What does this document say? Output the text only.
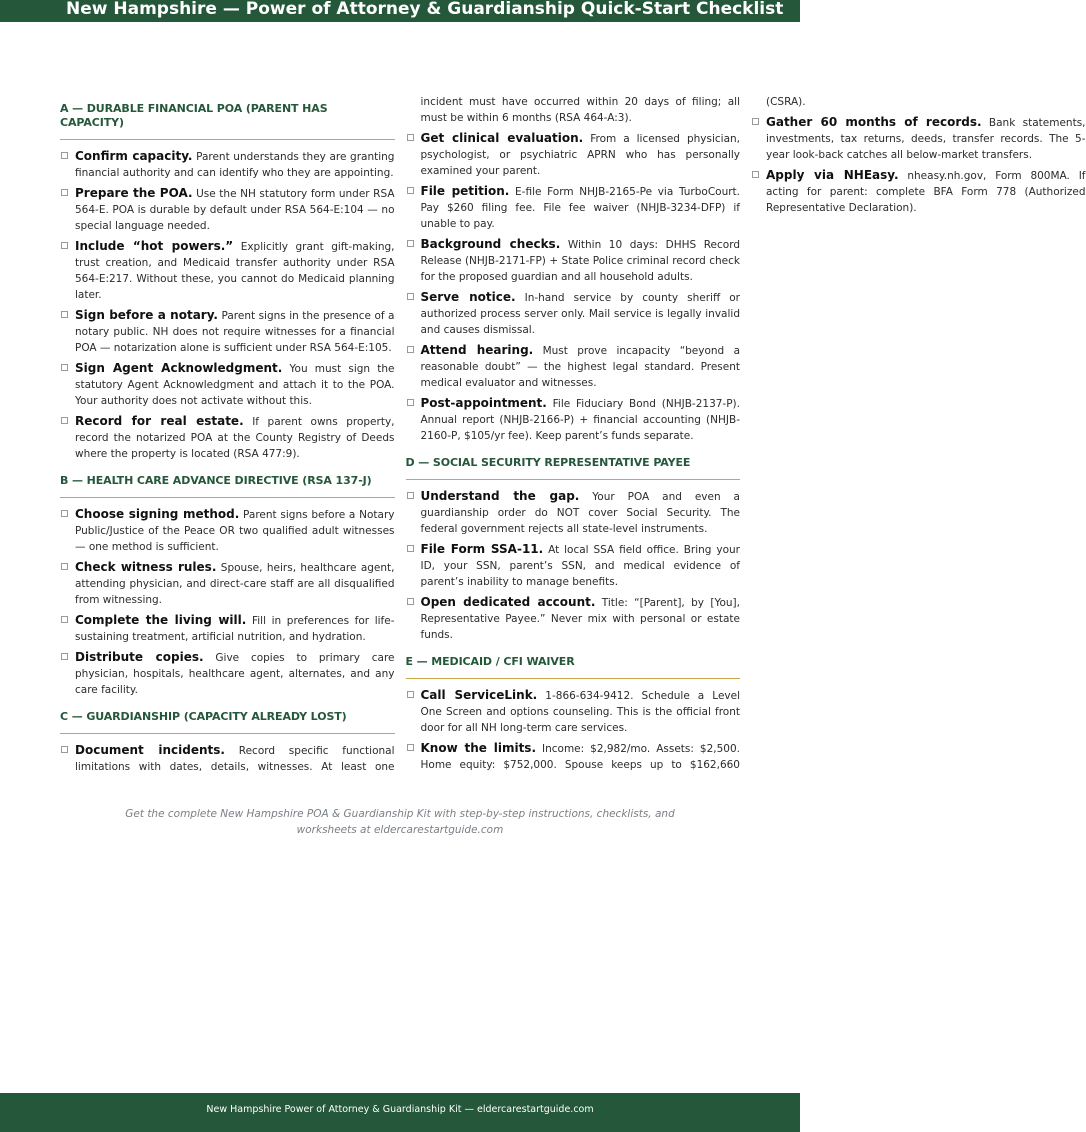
New Hampshire — Power of Attorney & Guardianship Quick-Start Checklist
A — DURABLE FINANCIAL POA (PARENT HAS CAPACITY)
Confirm capacity. Parent understands they are granting financial authority and can identify who they are appointing.
Prepare the POA. Use the NH statutory form under RSA 564-E. POA is durable by default under RSA 564-E:104 — no special language needed.
Include “hot powers.” Explicitly grant gift-making, trust creation, and Medicaid transfer authority under RSA 564-E:217. Without these, you cannot do Medicaid planning later.
Sign before a notary. Parent signs in the presence of a notary public. NH does not require witnesses for a financial POA — notarization alone is sufficient under RSA 564-E:105.
Sign Agent Acknowledgment. You must sign the statutory Agent Acknowledgment and attach it to the POA. Your authority does not activate without this.
Record for real estate. If parent owns property, record the notarized POA at the County Registry of Deeds where the property is located (RSA 477:9).
B — HEALTH CARE ADVANCE DIRECTIVE (RSA 137-J)
Choose signing method. Parent signs before a Notary Public/Justice of the Peace OR two qualified adult witnesses — one method is sufficient.
Check witness rules. Spouse, heirs, healthcare agent, attending physician, and direct-care staff are all disqualified from witnessing.
Complete the living will. Fill in preferences for life-sustaining treatment, artificial nutrition, and hydration.
Distribute copies. Give copies to primary care physician, hospitals, healthcare agent, alternates, and any care facility.
C — GUARDIANSHIP (CAPACITY ALREADY LOST)
Document incidents. Record specific functional limitations with dates, details, witnesses. At least one incident must have occurred within 20 days of filing; all must be within 6 months (RSA 464-A:3).
Get clinical evaluation. From a licensed physician, psychologist, or psychiatric APRN who has personally examined your parent.
File petition. E-file Form NHJB-2165-Pe via TurboCourt. Pay $260 filing fee. File fee waiver (NHJB-3234-DFP) if unable to pay.
Background checks. Within 10 days: DHHS Record Release (NHJB-2171-FP) + State Police criminal record check for the proposed guardian and all household adults.
Serve notice. In-hand service by county sheriff or authorized process server only. Mail service is legally invalid and causes dismissal.
Attend hearing. Must prove incapacity “beyond a reasonable doubt” — the highest legal standard. Present medical evaluator and witnesses.
Post-appointment. File Fiduciary Bond (NHJB-2137-P). Annual report (NHJB-2166-P) + financial accounting (NHJB-2160-P, $105/yr fee). Keep parent’s funds separate.
D — SOCIAL SECURITY REPRESENTATIVE PAYEE
Understand the gap. Your POA and even a guardianship order do NOT cover Social Security. The federal government rejects all state-level instruments.
File Form SSA-11. At local SSA field office. Bring your ID, your SSN, parent’s SSN, and medical evidence of parent’s inability to manage benefits.
Open dedicated account. Title: “[Parent], by [You], Representative Payee.” Never mix with personal or estate funds.
E — MEDICAID / CFI WAIVER
Call ServiceLink. 1-866-634-9412. Schedule a Level One Screen and options counseling. This is the official front door for all NH long-term care services.
Know the limits. Income: $2,982/mo. Assets: $2,500. Home equity: $752,000. Spouse keeps up to $162,660 (CSRA).
Gather 60 months of records. Bank statements, investments, tax returns, deeds, transfer records. The 5-year look-back catches all below-market transfers.
Apply via NHEasy. nheasy.nh.gov, Form 800MA. If acting for parent: complete BFA Form 778 (Authorized Representative Declaration).
Get the complete New Hampshire POA & Guardianship Kit with step-by-step instructions, checklists, and worksheets at eldercarestartguide.com
New Hampshire Power of Attorney & Guardianship Kit — eldercarestartguide.com
